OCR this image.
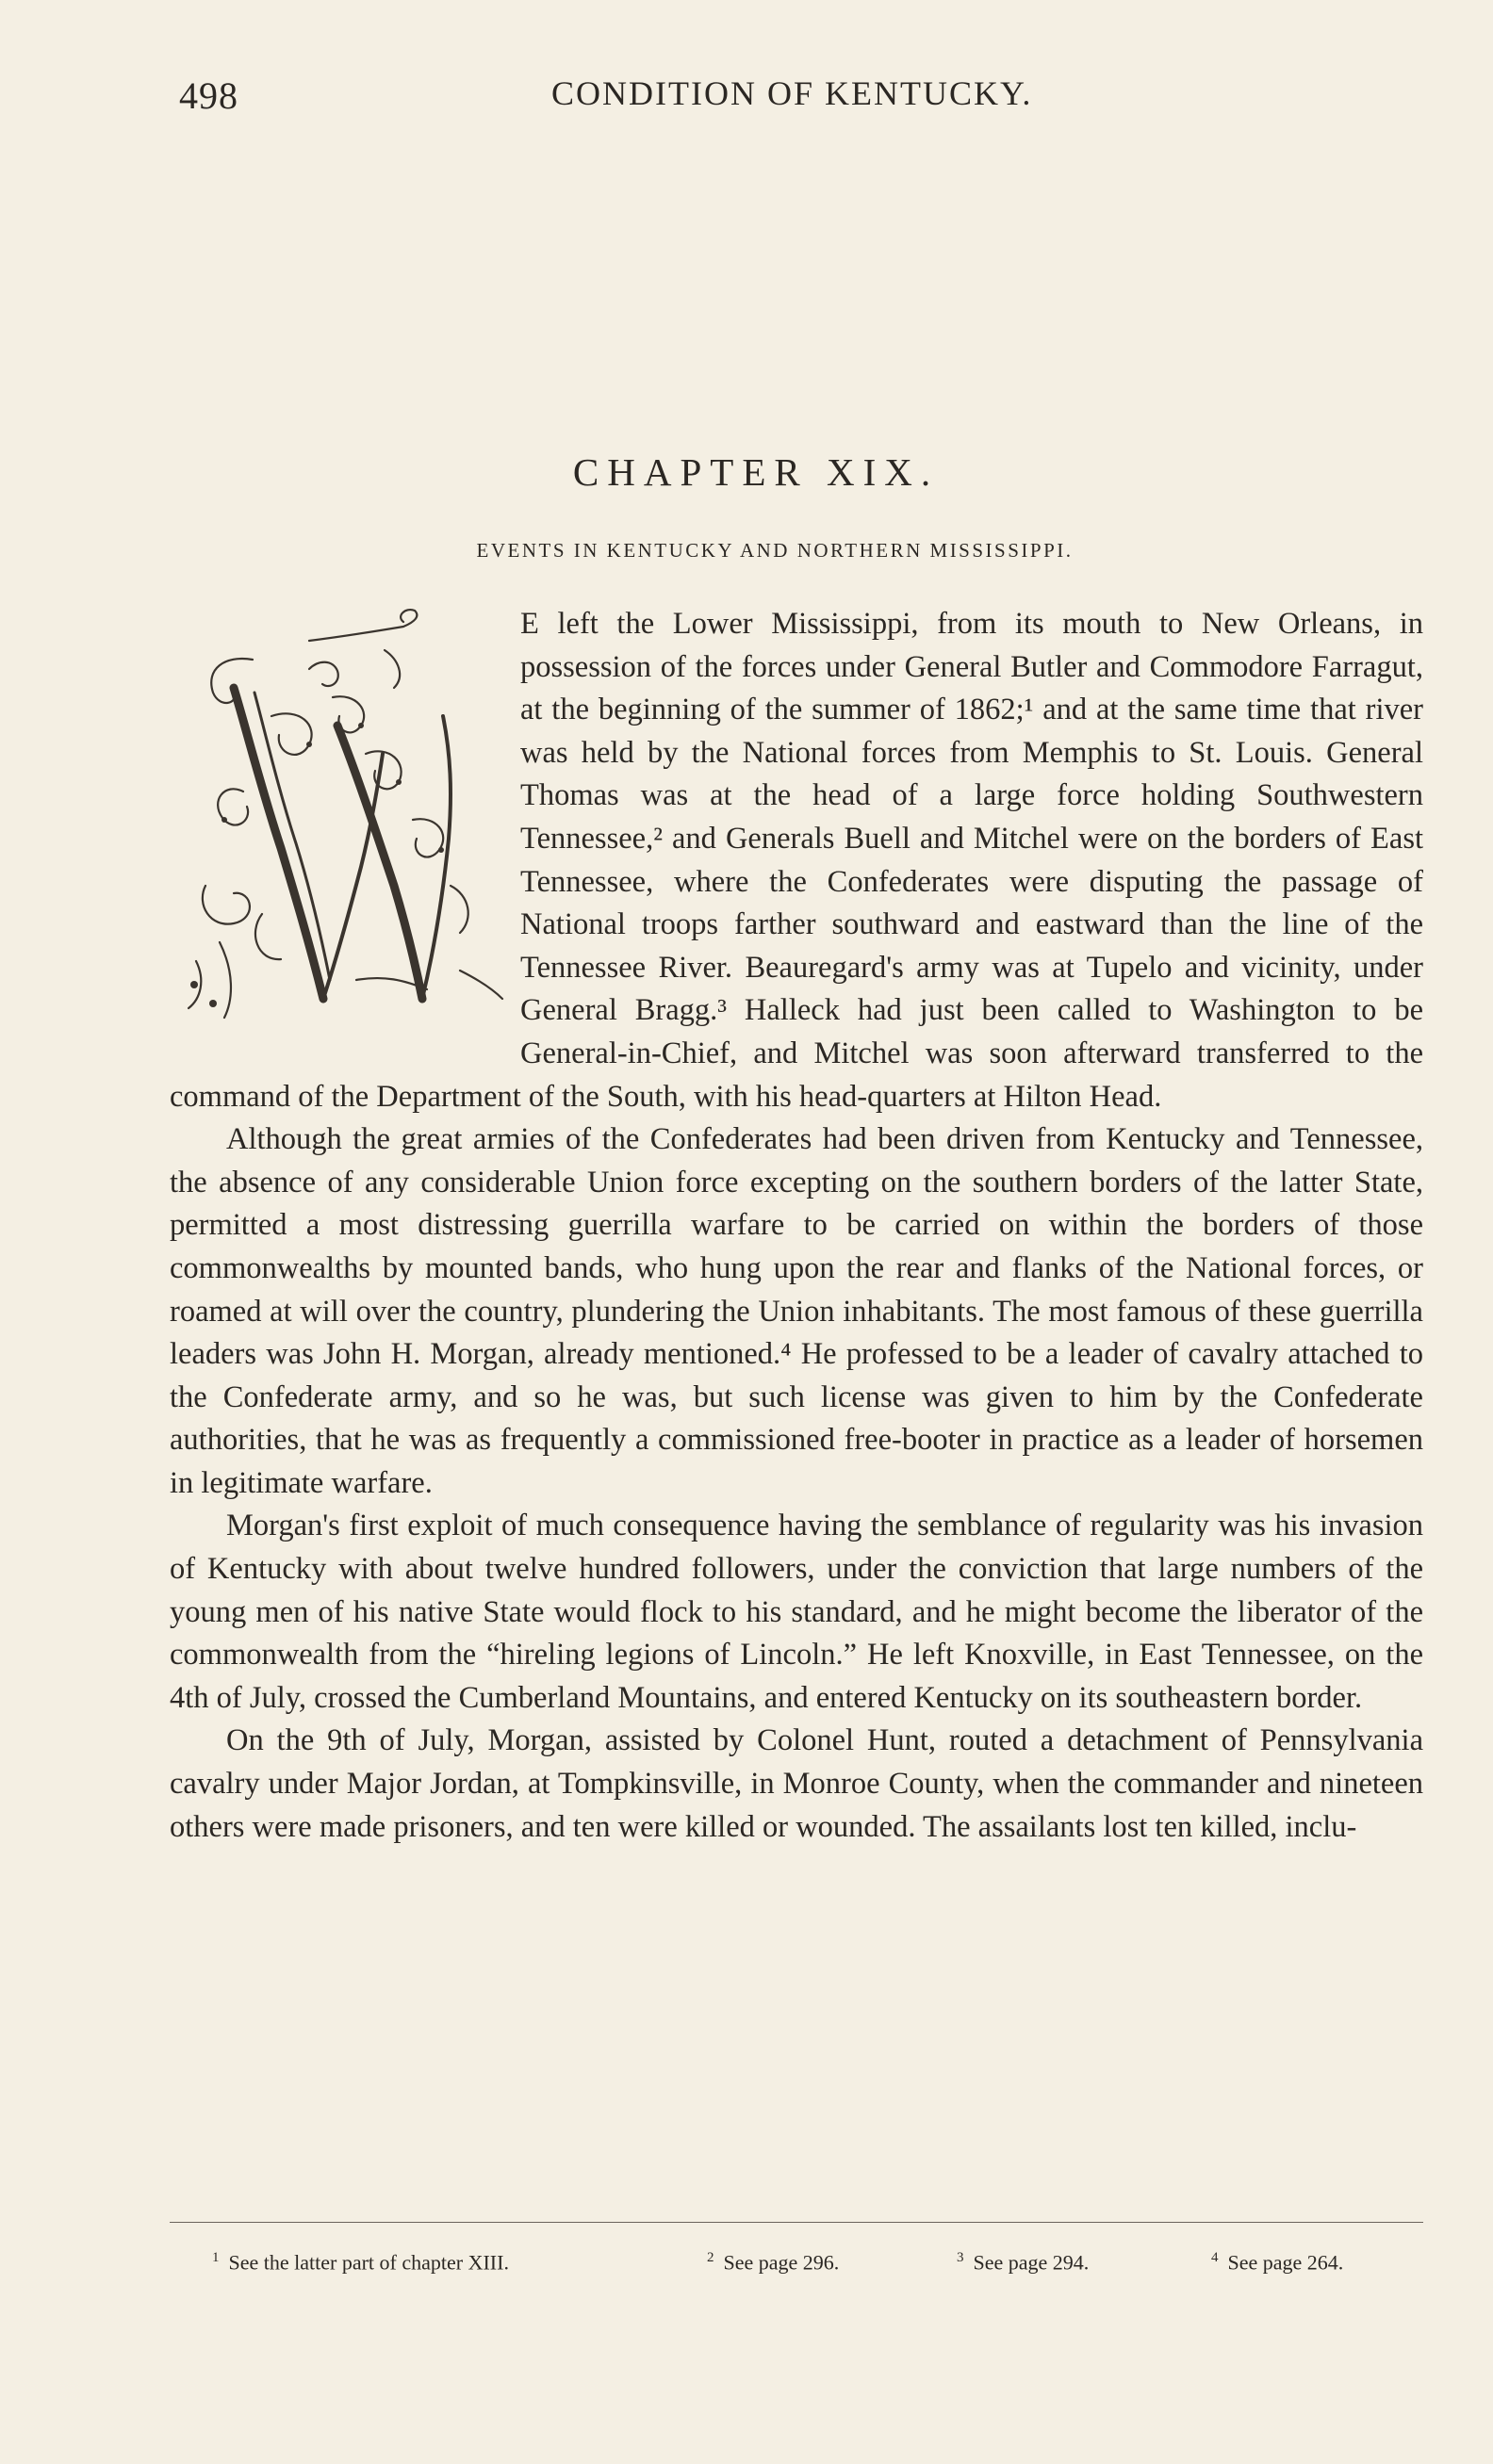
498	CONDITION OF KENTUCKY.
CHAPTER XIX.
EVENTS IN KENTUCKY AND NORTHERN MISSISSIPPI.

E left the Lower Mississippi, from its mouth to New Orleans, in possession of the forces under General Butler and Commodore Farragut, at the beginning of the summer of 1862;¹ and at the same time that river was held by the National forces from Memphis to St. Louis. General Thomas was at the head of a large force holding Southwestern Tennessee,² and Generals Buell and Mitchel were on the borders of East Tennessee, where the Confederates were disputing the passage of National troops farther southward and eastward than the line of the Tennessee River. Beauregard's army was at Tupelo and vicinity, under General Bragg.³ Halleck had just been called to Washington to be General-in-Chief, and Mitchel was soon afterward transferred to the command of the Department of the South, with his head-quarters at Hilton Head.

Although the great armies of the Confederates had been driven from Kentucky and Tennessee, the absence of any considerable Union force excepting on the southern borders of the latter State, permitted a most distressing guerrilla warfare to be carried on within the borders of those commonwealths by mounted bands, who hung upon the rear and flanks of the National forces, or roamed at will over the country, plundering the Union inhabitants. The most famous of these guerrilla leaders was John H. Morgan, already mentioned.⁴ He professed to be a leader of cavalry attached to the Confederate army, and so he was, but such license was given to him by the Confederate authorities, that he was as frequently a commissioned free-booter in practice as a leader of horsemen in legitimate warfare.

Morgan's first exploit of much consequence having the semblance of regularity was his invasion of Kentucky with about twelve hundred followers, under the conviction that large numbers of the young men of his native State would flock to his standard, and he might become the liberator of the commonwealth from the “hireling legions of Lincoln.” He left Knoxville, in East Tennessee, on the 4th of July, crossed the Cumberland Mountains, and entered Kentucky on its southeastern border.

On the 9th of July, Morgan, assisted by Colonel Hunt, routed a detachment of Pennsylvania cavalry under Major Jordan, at Tompkinsville, in Monroe County, when the commander and nineteen others were made prisoners, and ten were killed or wounded. The assailants lost ten killed, inclu-

$^1$ See the latter part of chapter XIII.	$^2$ See page 296.	$^3$ See page 294.	$^4$ See page 264.
